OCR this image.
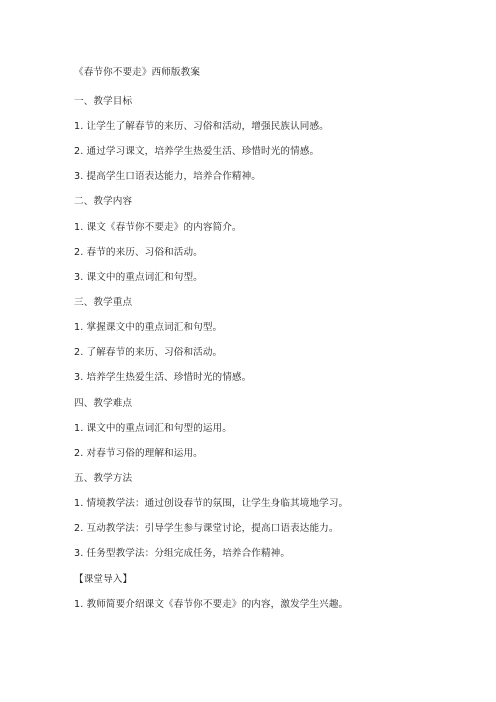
《春节你不要走》西师版教案
一、教学目标
1. 让学生了解春节的来历、习俗和活动，增强民族认同感。
2. 通过学习课文，培养学生热爱生活、珍惜时光的情感。
3. 提高学生口语表达能力，培养合作精神。
二、教学内容
1. 课文《春节你不要走》的内容简介。
2. 春节的来历、习俗和活动。
3. 课文中的重点词汇和句型。
三、教学重点
1. 掌握课文中的重点词汇和句型。
2. 了解春节的来历、习俗和活动。
3. 培养学生热爱生活、珍惜时光的情感。
四、教学难点
1. 课文中的重点词汇和句型的运用。
2. 对春节习俗的理解和运用。
五、教学方法
1. 情境教学法：通过创设春节的氛围，让学生身临其境地学习。
2. 互动教学法：引导学生参与课堂讨论，提高口语表达能力。
3. 任务型教学法：分组完成任务，培养合作精神。
【课堂导入】
1. 教师简要介绍课文《春节你不要走》的内容，激发学生兴趣。
